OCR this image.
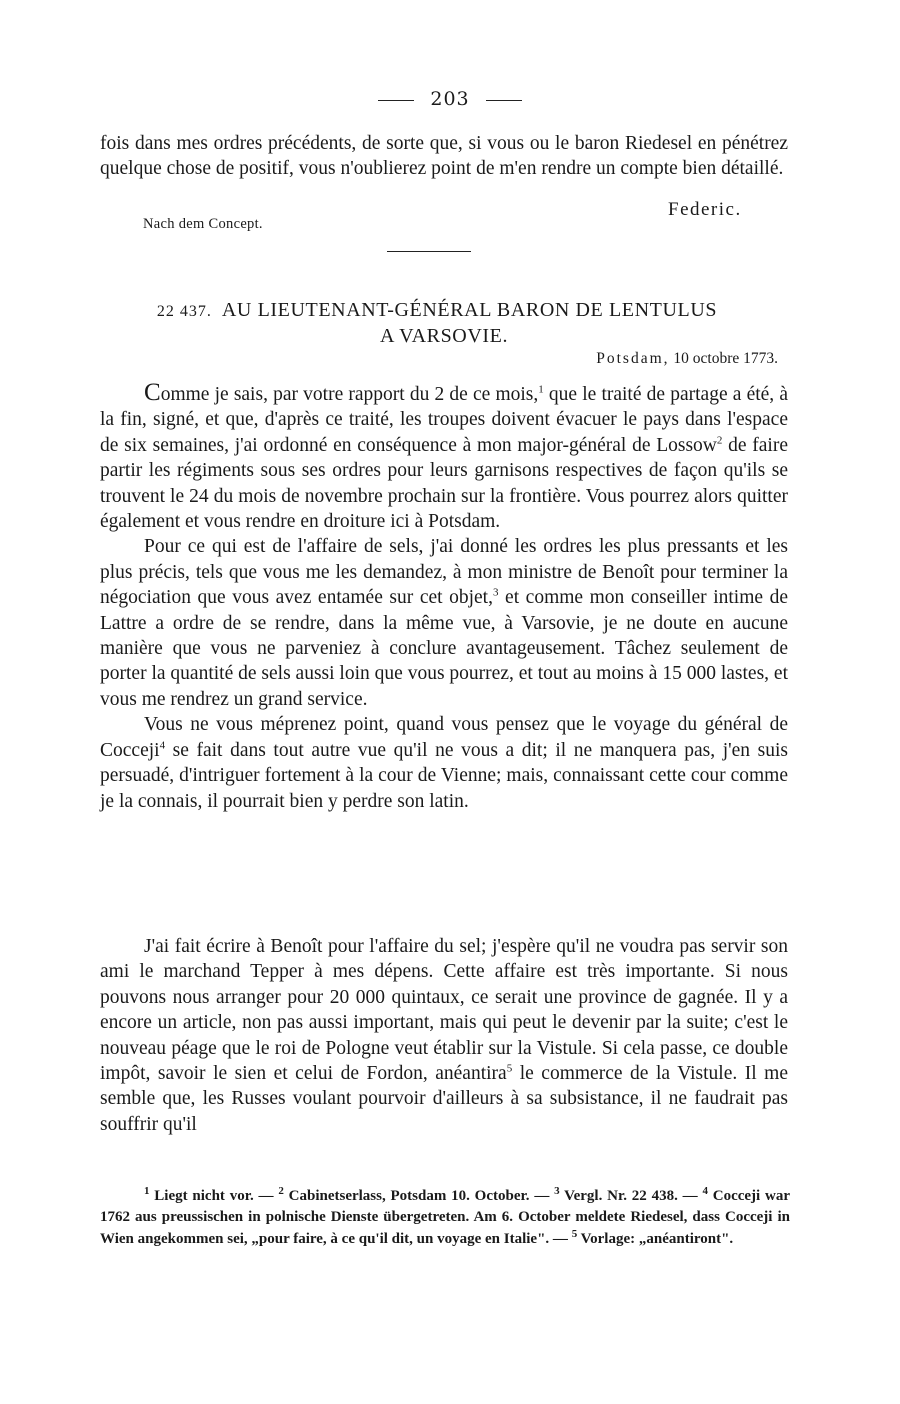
203

fois dans mes ordres précédents, de sorte que, si vous ou le baron Riedesel en pénétrez quelque chose de positif, vous n'oublierez point de m'en rendre un compte bien détaillé.

Federic.
Nach dem Concept.
22 437. AU LIEUTENANT-GÉNÉRAL BARON DE LENTULUS
A VARSOVIE.
Potsdam, 10 octobre 1773.

Comme je sais, par votre rapport du 2 de ce mois,$^1$ que le traité de partage a été, à la fin, signé, et que, d'après ce traité, les troupes doivent évacuer le pays dans l'espace de six semaines, j'ai ordonné en conséquence à mon major-général de Lossow$^2$ de faire partir les régiments sous ses ordres pour leurs garnisons respectives de façon qu'ils se trouvent le 24 du mois de novembre prochain sur la frontière. Vous pourrez alors quitter également et vous rendre en droiture ici à Potsdam.

Pour ce qui est de l'affaire de sels, j'ai donné les ordres les plus pressants et les plus précis, tels que vous me les demandez, à mon ministre de Benoît pour terminer la négociation que vous avez entamée sur cet objet,$^3$ et comme mon conseiller intime de Lattre a ordre de se rendre, dans la même vue, à Varsovie, je ne doute en aucune manière que vous ne parveniez à conclure avantageusement. Tâchez seulement de porter la quantité de sels aussi loin que vous pourrez, et tout au moins à 15 000 lastes, et vous me rendrez un grand service.

Vous ne vous méprenez point, quand vous pensez que le voyage du général de Cocceji$^4$ se fait dans tout autre vue qu'il ne vous a dit; il ne manquera pas, j'en suis persuadé, d'intriguer fortement à la cour de Vienne; mais, connaissant cette cour comme je la connais, il pourrait bien y perdre son latin.

J'ai fait écrire à Benoît pour l'affaire du sel; j'espère qu'il ne voudra pas servir son ami le marchand Tepper à mes dépens. Cette affaire est très importante. Si nous pouvons nous arranger pour 20 000 quintaux, ce serait une province de gagnée. Il y a encore un article, non pas aussi important, mais qui peut le devenir par la suite; c'est le nouveau péage que le roi de Pologne veut établir sur la Vistule. Si cela passe, ce double impôt, savoir le sien et celui de Fordon, anéantira$^5$ le commerce de la Vistule. Il me semble que, les Russes voulant pourvoir d'ailleurs à sa subsistance, il ne faudrait pas souffrir qu'il

$^1$ Liegt nicht vor. — $^2$ Cabinetserlass, Potsdam 10. October. — $^3$ Vergl. Nr. 22 438. — $^4$ Cocceji war 1762 aus preussischen in polnische Dienste übergetreten. Am 6. October meldete Riedesel, dass Cocceji in Wien angekommen sei, „pour faire, à ce qu'il dit, un voyage en Italie". — $^5$ Vorlage: „anéantiront".
